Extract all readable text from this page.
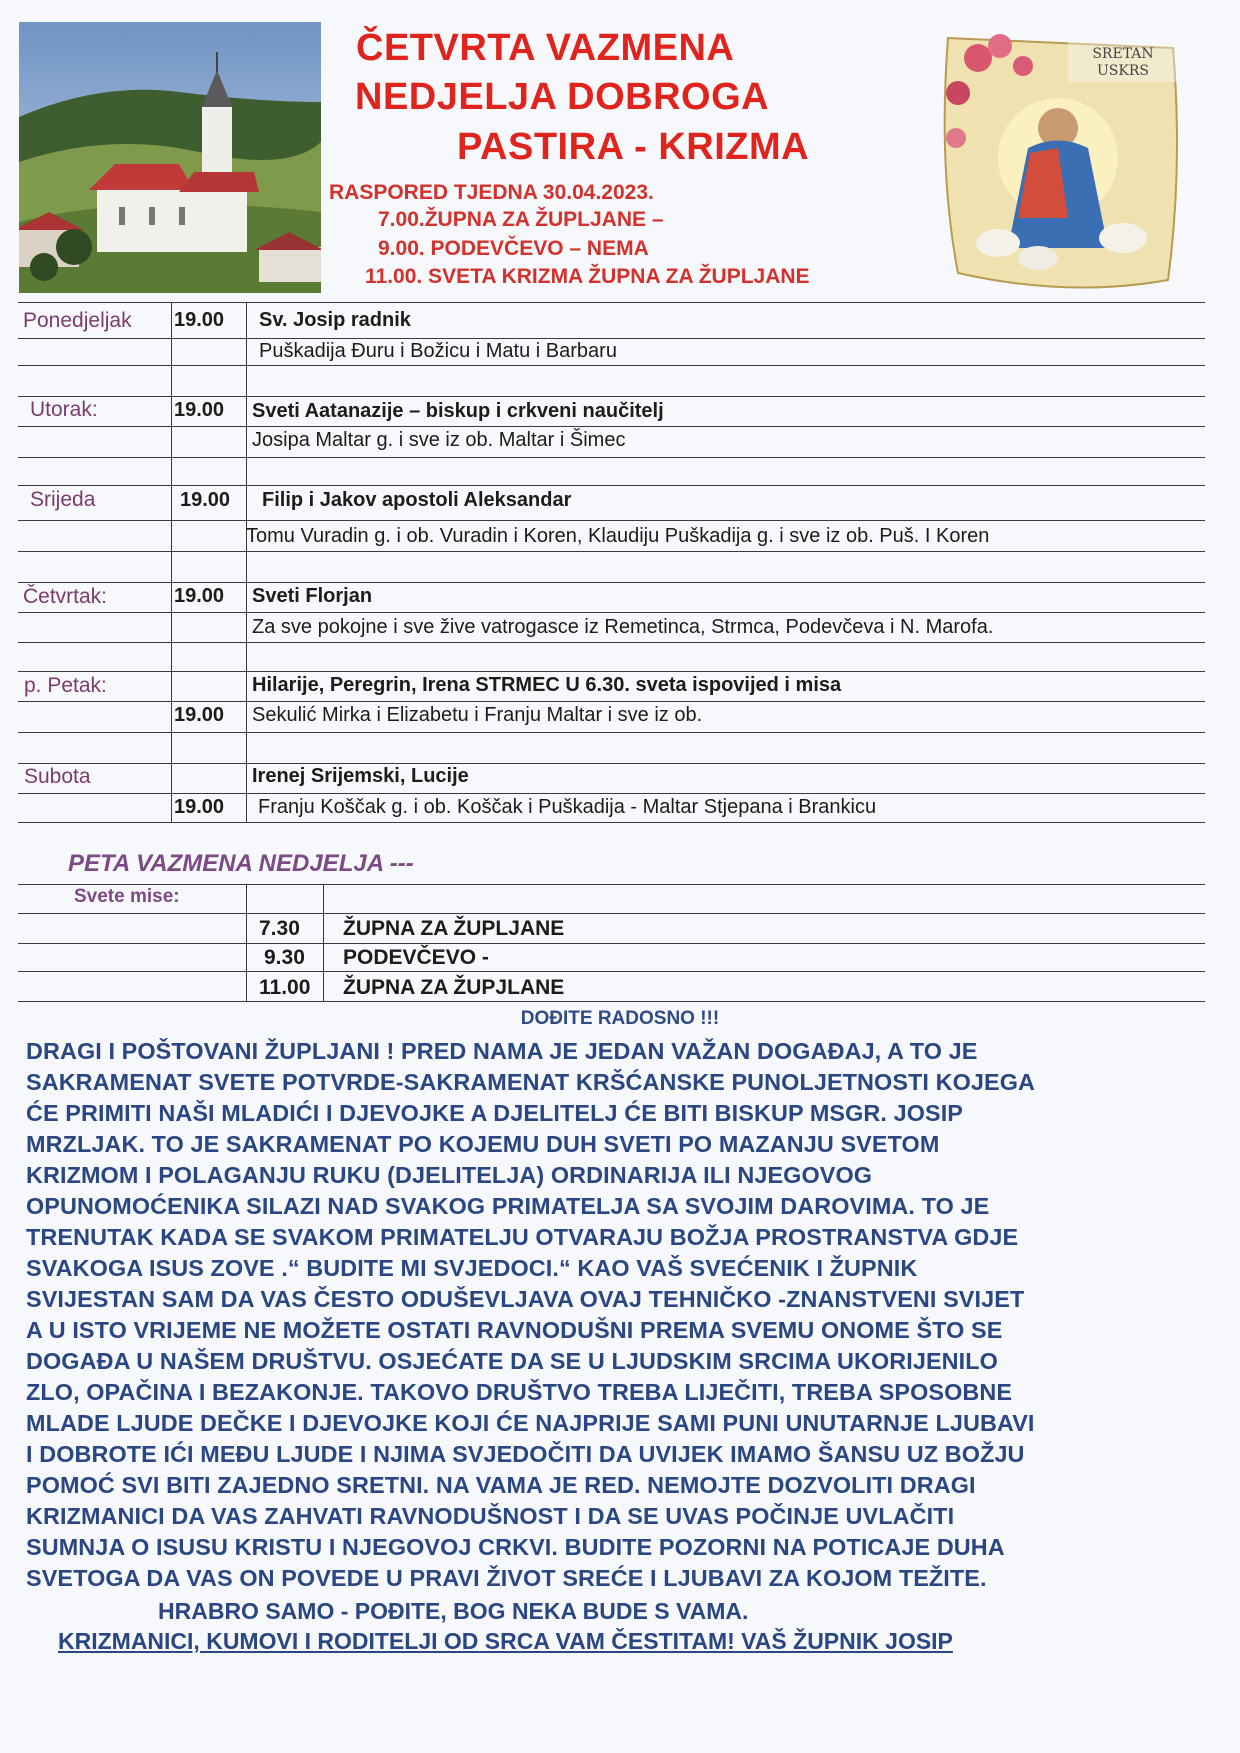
ČETVRTA VAZMENA
NEDJELJA DOBROGA
PASTIRA - KRIZMA
RASPORED TJEDNA 30.04.2023.
7.00.ŽUPNA ZA ŽUPLJANE –
9.00. PODEVČEVO – NEMA
11.00. SVETA KRIZMA ŽUPNA ZA ŽUPLJANE
SRETAN
USKRS
Ponedjeljak 19.00 Sv. Josip radnik
Puškadija Đuru i Božicu i Matu i Barbaru
Utorak:	19.00 Sveti Aatanazije – biskup i crkveni naučitelj
Josipa Maltar g. i sve iz ob. Maltar i Šimec
Srijeda	19.00 Filip i Jakov apostoli Aleksandar
Tomu Vuradin g. i ob. Vuradin i Koren, Klaudiju Puškadija g. i sve iz ob. Puš. I Koren
Četvrtak:	19.00 Sveti Florjan
Za sve pokojne i sve žive vatrogasce iz Remetinca, Strmca, Podevčeva i N. Marofa.
p. Petak:	Hilarije, Peregrin, Irena STRMEC U 6.30. sveta ispovijed i misa
19.00 Sekulić Mirka i Elizabetu i Franju Maltar i sve iz ob.
Subota	Irenej Srijemski, Lucije
19.00 Franju Koščak g. i ob. Koščak i Puškadija - Maltar Stjepana i Brankicu
PETA VAZMENA NEDJELJA ---
Svete mise:
7.30 ŽUPNA ZA ŽUPLJANE
9.30 PODEVČEVO -
11.00 ŽUPNA ZA ŽUPJLANE
DOĐITE RADOSNO !!!
DRAGI I POŠTOVANI ŽUPLJANI ! PRED NAMA JE JEDAN VAŽAN DOGAĐAJ, A TO JE
SAKRAMENAT SVETE POTVRDE-SAKRAMENAT KRŠĆANSKE PUNOLJETNOSTI KOJEGA
ĆE PRIMITI NAŠI MLADIĆI I DJEVOJKE A DJELITELJ ĆE BITI BISKUP MSGR. JOSIP
MRZLJAK. TO JE SAKRAMENAT PO KOJEMU DUH SVETI PO MAZANJU SVETOM
KRIZMOM I POLAGANJU RUKU (DJELITELJA) ORDINARIJA ILI NJEGOVOG
OPUNOMOĆENIKA SILAZI NAD SVAKOG PRIMATELJA SA SVOJIM DAROVIMA. TO JE
TRENUTAK KADA SE SVAKOM PRIMATELJU OTVARAJU BOŽJA PROSTRANSTVA GDJE
SVAKOGA ISUS ZOVE .“ BUDITE MI SVJEDOCI.“ KAO VAŠ SVEĆENIK I ŽUPNIK
SVIJESTAN SAM DA VAS ČESTO ODUŠEVLJAVA OVAJ TEHNIČKO -ZNANSTVENI SVIJET
A U ISTO VRIJEME NE MOŽETE OSTATI RAVNODUŠNI PREMA SVEMU ONOME ŠTO SE
DOGAĐA U NAŠEM DRUŠTVU. OSJEĆATE DA SE U LJUDSKIM SRCIMA UKORIJENILO
ZLO, OPAČINA I BEZAKONJE. TAKOVO DRUŠTVO TREBA LIJEČITI, TREBA SPOSOBNE
MLADE LJUDE DEČKE I DJEVOJKE KOJI ĆE NAJPRIJE SAMI PUNI UNUTARNJE LJUBAVI
I DOBROTE IĆI MEĐU LJUDE I NJIMA SVJEDOČITI DA UVIJEK IMAMO ŠANSU UZ BOŽJU
POMOĆ SVI BITI ZAJEDNO SRETNI. NA VAMA JE RED. NEMOJTE DOZVOLITI DRAGI
KRIZMANICI DA VAS ZAHVATI RAVNODUŠNOST I DA SE UVAS POČINJE UVLAČITI
SUMNJA O ISUSU KRISTU I NJEGOVOJ CRKVI. BUDITE POZORNI NA POTICAJE DUHA
SVETOGA DA VAS ON POVEDE U PRAVI ŽIVOT SREĆE I LJUBAVI ZA KOJOM TEŽITE.
HRABRO SAMO - POĐITE, BOG NEKA BUDE S VAMA.
KRIZMANICI, KUMOVI I RODITELJI OD SRCA VAM ČESTITAM! VAŠ ŽUPNIK JOSIP
